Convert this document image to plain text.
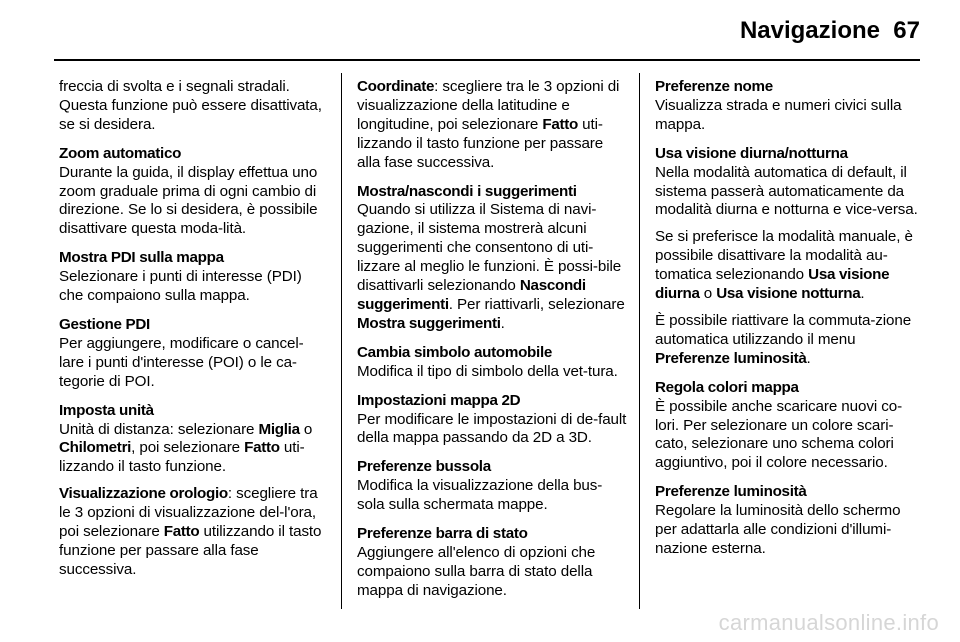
Navigazione 67

freccia di svolta e i segnali stradali. Questa funzione può essere disattivata, se si desidera.

Zoom automatico

Durante la guida, il display effettua uno zoom graduale prima di ogni cambio di direzione. Se lo si desidera, è possibile disattivare questa moda-lità.

Mostra PDI sulla mappa

Selezionare i punti di interesse (PDI) che compaiono sulla mappa.

Gestione PDI

Per aggiungere, modificare o cancel-lare i punti d'interesse (POI) o le ca-tegorie di POI.

Imposta unità

Unità di distanza: selezionare Miglia o Chilometri, poi selezionare Fatto uti-lizzando il tasto funzione.

Visualizzazione orologio: scegliere tra le 3 opzioni di visualizzazione del-l'ora, poi selezionare Fatto utilizzando il tasto funzione per passare alla fase successiva.

Coordinate: scegliere tra le 3 opzioni di visualizzazione della latitudine e longitudine, poi selezionare Fatto uti-lizzando il tasto funzione per passare alla fase successiva.

Mostra/nascondi i suggerimenti

Quando si utilizza il Sistema di navi-gazione, il sistema mostrerà alcuni suggerimenti che consentono di uti-lizzare al meglio le funzioni. È possi-bile disattivarli selezionando Nascondi suggerimenti. Per riattivarli, selezionare Mostra suggerimenti.

Cambia simbolo automobile

Modifica il tipo di simbolo della vet-tura.

Impostazioni mappa 2D

Per modificare le impostazioni di de-fault della mappa passando da 2D a 3D.

Preferenze bussola

Modifica la visualizzazione della bus-sola sulla schermata mappe.

Preferenze barra di stato

Aggiungere all'elenco di opzioni che compaiono sulla barra di stato della mappa di navigazione.

Preferenze nome

Visualizza strada e numeri civici sulla mappa.

Usa visione diurna/notturna

Nella modalità automatica di default, il sistema passerà automaticamente da modalità diurna e notturna e vice-versa.

Se si preferisce la modalità manuale, è possibile disattivare la modalità au-tomatica selezionando Usa visione diurna o Usa visione notturna.

È possibile riattivare la commuta-zione automatica utilizzando il menu Preferenze luminosità.

Regola colori mappa

È possibile anche scaricare nuovi co-lori. Per selezionare un colore scari-cato, selezionare uno schema colori aggiuntivo, poi il colore necessario.

Preferenze luminosità

Regolare la luminosità dello schermo per adattarla alle condizioni d'illumi-nazione esterna.

carmanualsonline.info
